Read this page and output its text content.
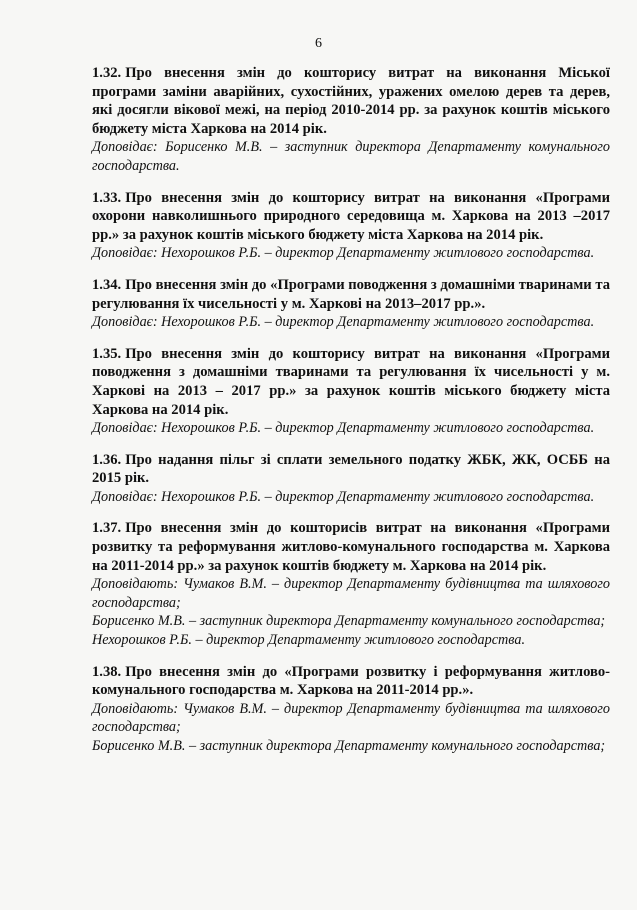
6

1.32. Про внесення змін до кошторису витрат на виконання Міської програми заміни аварійних, сухостійних, уражених омелою дерев та дерев, які досягли вікової межі, на період 2010-2014 рр. за рахунок коштів міського бюджету міста Харкова на 2014 рік.

Доповідає: Борисенко М.В. – заступник директора Департаменту комунального господарства.

1.33. Про внесення змін до кошторису витрат на виконання «Програми охорони навколишнього природного середовища м. Харкова на 2013 –2017 рр.» за рахунок коштів міського бюджету міста Харкова на 2014 рік.

Доповідає: Нехорошков Р.Б. – директор Департаменту житлового господарства.

1.34. Про внесення змін до «Програми поводження з домашніми тваринами та регулювання їх чисельності у м. Харкові на 2013–2017 рр.».

Доповідає: Нехорошков Р.Б. – директор Департаменту житлового господарства.

1.35. Про внесення змін до кошторису витрат на виконання «Програми поводження з домашніми тваринами та регулювання їх чисельності у м. Харкові на 2013 – 2017 рр.» за рахунок коштів міського бюджету міста Харкова на 2014 рік.

Доповідає: Нехорошков Р.Б. – директор Департаменту житлового господарства.

1.36. Про надання пільг зі сплати земельного податку ЖБК, ЖК, ОСББ на 2015 рік.

Доповідає: Нехорошков Р.Б. – директор Департаменту житлового господарства.

1.37. Про внесення змін до кошторисів витрат на виконання «Програми розвитку та реформування житлово-комунального господарства м. Харкова на 2011-2014 рр.» за рахунок коштів бюджету м. Харкова на 2014 рік.

Доповідають: Чумаков В.М. – директор Департаменту будівництва та шляхового господарства;

Борисенко М.В. – заступник директора Департаменту комунального господарства;

Нехорошков Р.Б. – директор Департаменту житлового господарства.

1.38. Про внесення змін до «Програми розвитку і реформування житлово-комунального господарства м. Харкова на 2011-2014 рр.».

Доповідають: Чумаков В.М. – директор Департаменту будівництва та шляхового господарства;

Борисенко М.В. – заступник директора Департаменту комунального господарства;
